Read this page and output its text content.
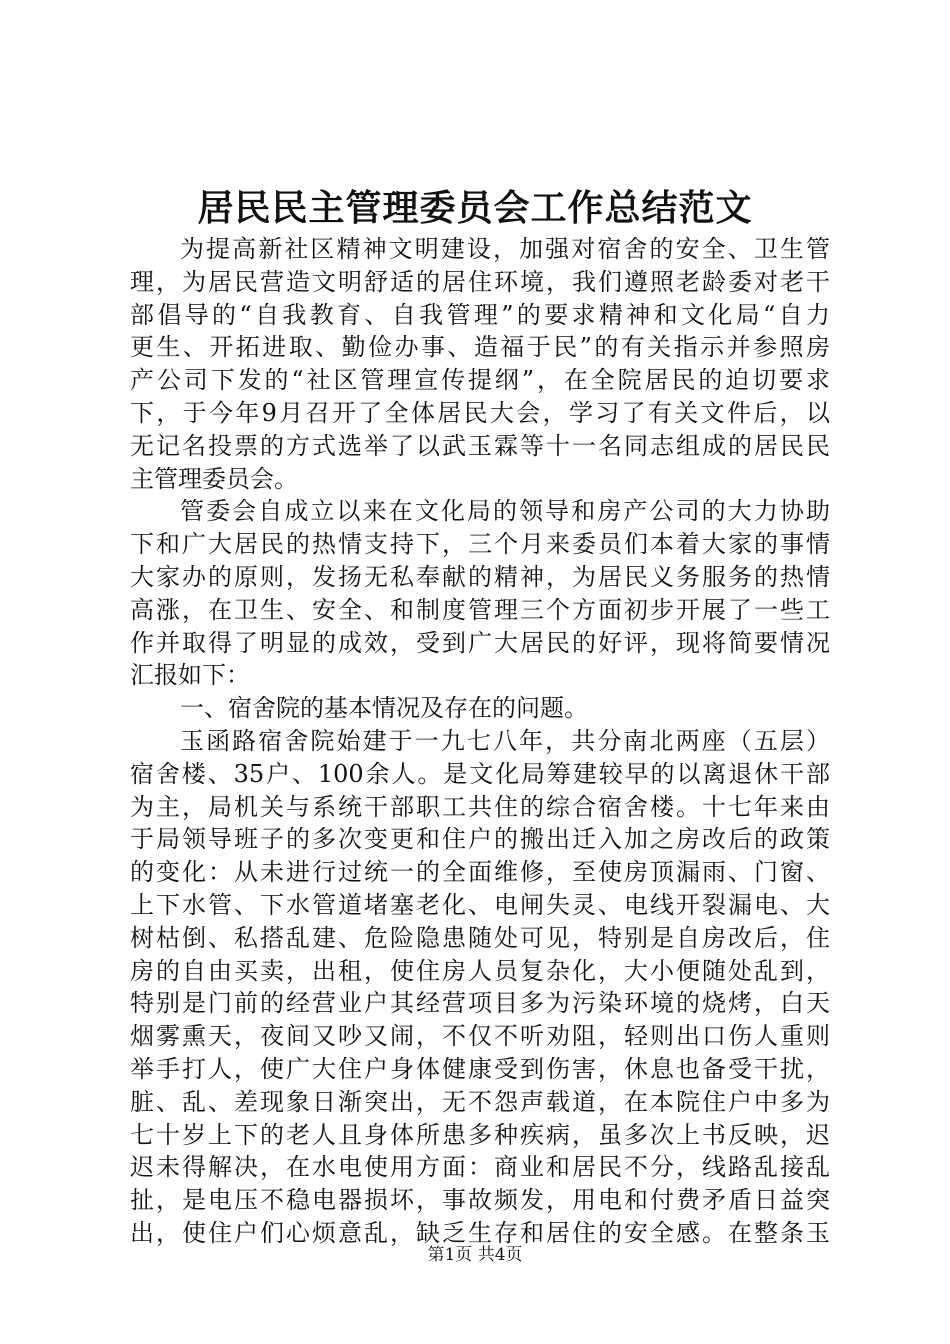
居民民主管理委员会工作总结范文
为提高新社区精神文明建设，加强对宿舍的安全、卫生管
理，为居民营造文明舒适的居住环境，我们遵照老龄委对老干
部倡导的“自我教育、自我管理”的要求精神和文化局“自力
更生、开拓进取、勤俭办事、造福于民”的有关指示并参照房
产公司下发的“社区管理宣传提纲”，在全院居民的迫切要求
下，于今年9月召开了全体居民大会，学习了有关文件后，以
无记名投票的方式选举了以武玉霖等十一名同志组成的居民民
主管理委员会。
管委会自成立以来在文化局的领导和房产公司的大力协助
下和广大居民的热情支持下，三个月来委员们本着大家的事情
大家办的原则，发扬无私奉献的精神，为居民义务服务的热情
高涨，在卫生、安全、和制度管理三个方面初步开展了一些工
作并取得了明显的成效，受到广大居民的好评，现将简要情况
汇报如下：
一、宿舍院的基本情况及存在的问题。
玉函路宿舍院始建于一九七八年，共分南北两座（五层）
宿舍楼、35户、100余人。是文化局筹建较早的以离退休干部
为主，局机关与系统干部职工共住的综合宿舍楼。十七年来由
于局领导班子的多次变更和住户的搬出迁入加之房改后的政策
的变化：从未进行过统一的全面维修，至使房顶漏雨、门窗、
上下水管、下水管道堵塞老化、电闸失灵、电线开裂漏电、大
树枯倒、私搭乱建、危险隐患随处可见，特别是自房改后，住
房的自由买卖，出租，使住房人员复杂化，大小便随处乱到，
特别是门前的经营业户其经营项目多为污染环境的烧烤，白天
烟雾熏天，夜间又吵又闹，不仅不听劝阻，轻则出口伤人重则
举手打人，使广大住户身体健康受到伤害，休息也备受干扰，
脏、乱、差现象日渐突出，无不怨声载道，在本院住户中多为
七十岁上下的老人且身体所患多种疾病，虽多次上书反映，迟
迟未得解决，在水电使用方面：商业和居民不分，线路乱接乱
扯，是电压不稳电器损坏，事故频发，用电和付费矛盾日益突
出，使住户们心烦意乱，缺乏生存和居住的安全感。在整条玉
第1页 共4页
